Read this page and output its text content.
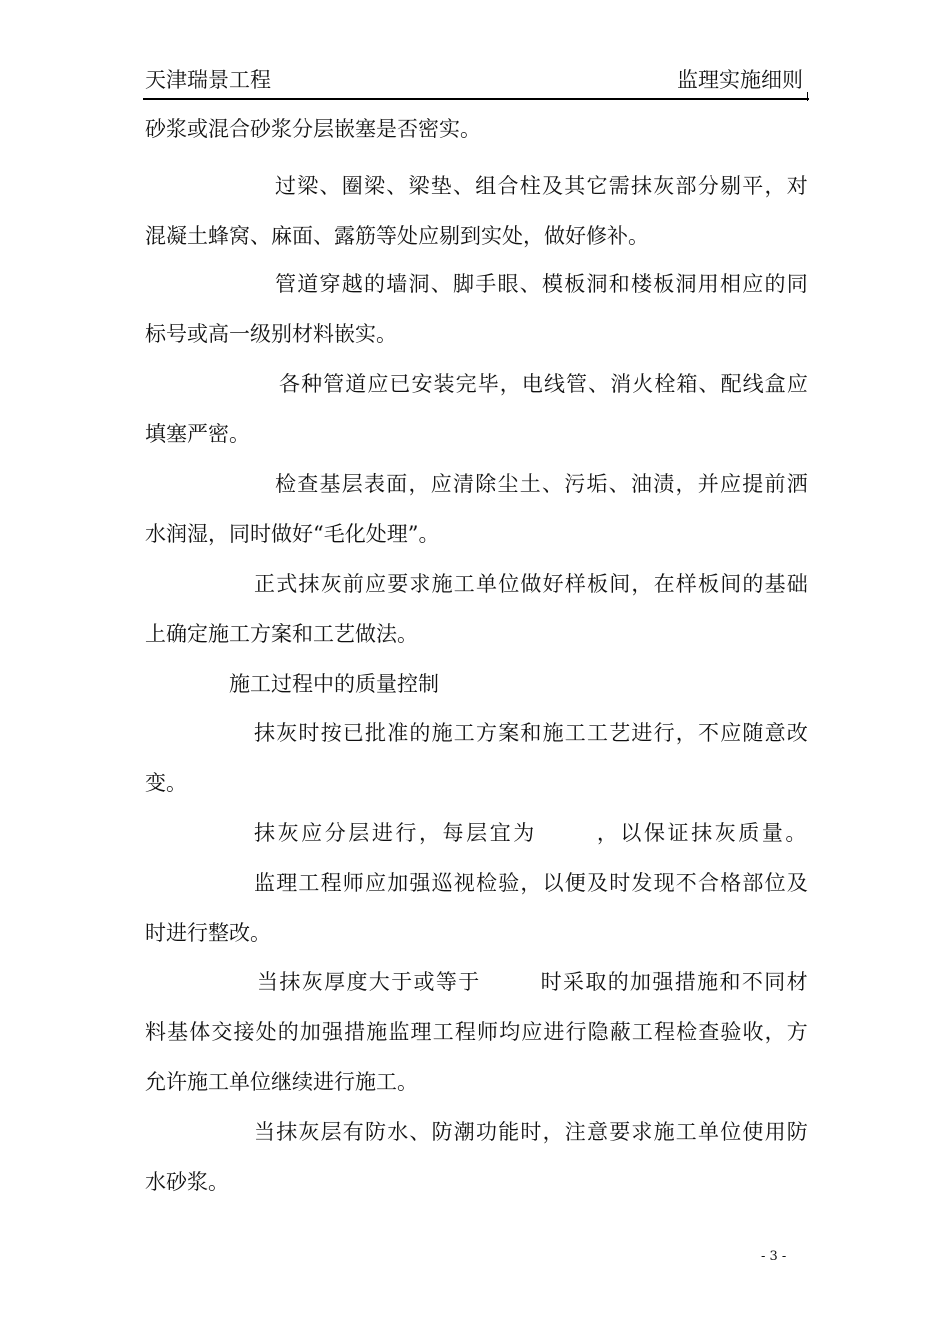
天津瑞景工程	监理实施细则
砂浆或混合砂浆分层嵌塞是否密实。
过梁、圈梁、梁垫、组合柱及其它需抹灰部分剔平，对
混凝土蜂窝、麻面、露筋等处应剔到实处，做好修补。
管道穿越的墙洞、脚手眼、模板洞和楼板洞用相应的同
标号或高一级别材料嵌实。
各种管道应已安装完毕，电线管、消火栓箱、配线盒应
填塞严密。
检查基层表面，应清除尘土、污垢、油渍，并应提前洒
水润湿，同时做好“毛化处理”。
正式抹灰前应要求施工单位做好样板间，在样板间的基础
上确定施工方案和工艺做法。
施工过程中的质量控制
抹灰时按已批准的施工方案和施工工艺进行，不应随意改
变。
抹灰应分层进行，每层宜为	，以保证抹灰质量。
监理工程师应加强巡视检验，以便及时发现不合格部位及
时进行整改。
当抹灰厚度大于或等于	时采取的加强措施和不同材
料基体交接处的加强措施监理工程师均应进行隐蔽工程检查验收，方
允许施工单位继续进行施工。
当抹灰层有防水、防潮功能时，注意要求施工单位使用防
水砂浆。
- 3 -
